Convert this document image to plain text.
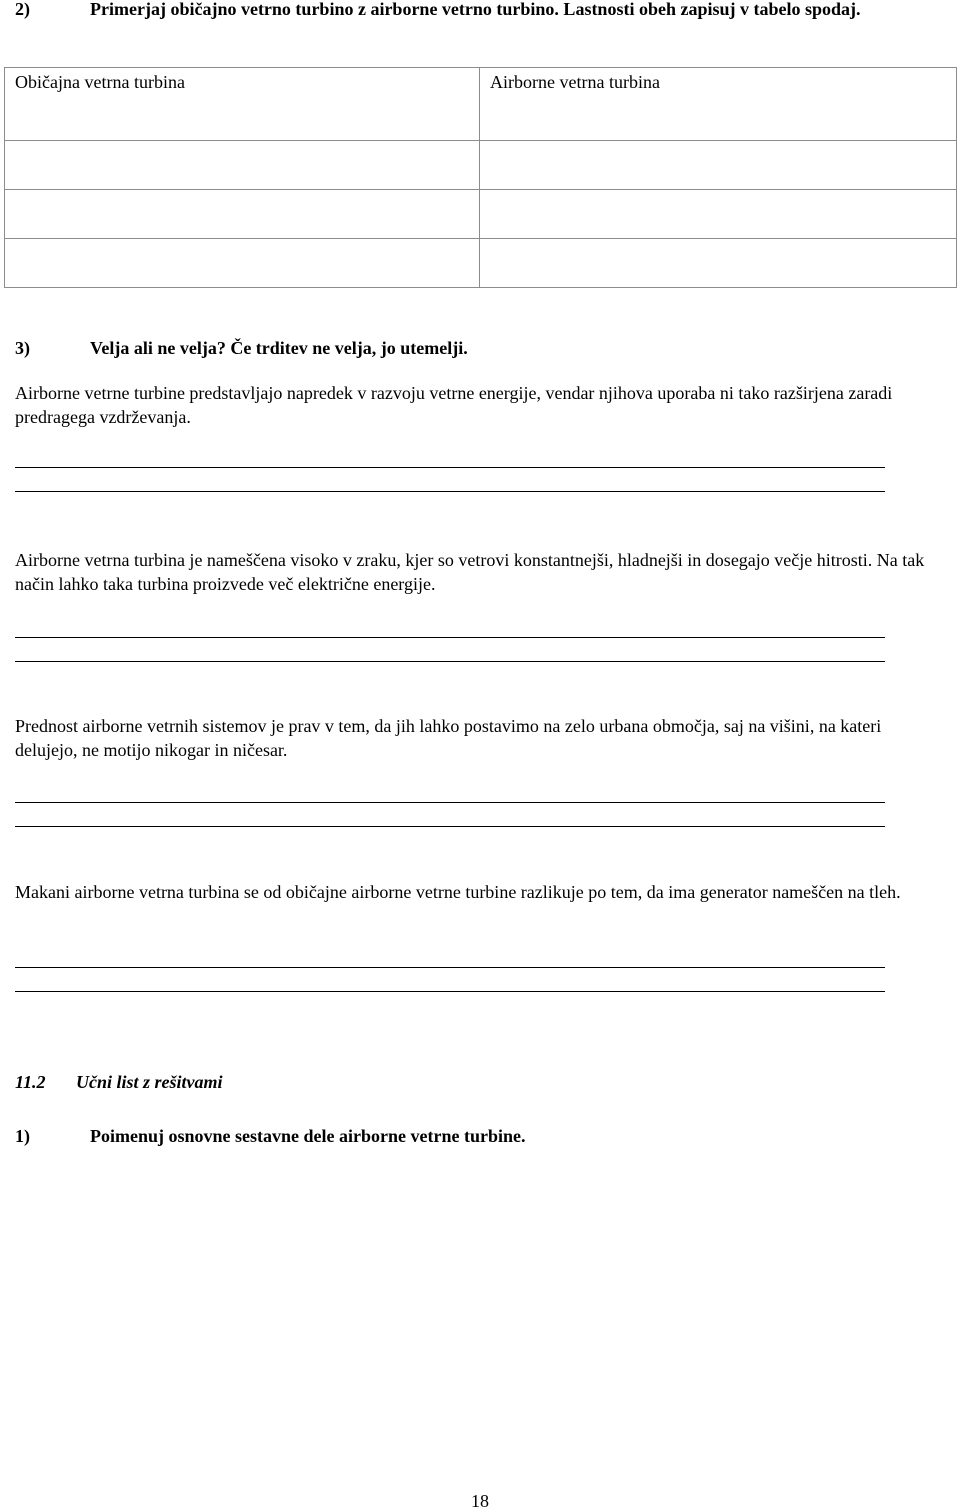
2)	Primerjaj običajno vetrno turbino z airborne vetrno turbino. Lastnosti obeh zapisuj v tabelo spodaj.
Običajna vetrna turbina	Airborne vetrna turbina

3)	Velja ali ne velja? Če trditev ne velja, jo utemelji.
Airborne vetrne turbine predstavljajo napredek v razvoju vetrne energije, vendar njihova uporaba ni tako razširjena zaradi predragega vzdrževanja.
Airborne vetrna turbina je nameščena visoko v zraku, kjer so vetrovi konstantnejši, hladnejši in dosegajo večje hitrosti. Na tak način lahko taka turbina proizvede več električne energije.
Prednost airborne vetrnih sistemov je prav v tem, da jih lahko postavimo na zelo urbana območja, saj na višini, na kateri delujejo, ne motijo nikogar in ničesar.
Makani airborne vetrna turbina se od običajne airborne vetrne turbine razlikuje po tem, da ima generator nameščen na tleh.
11.2 Učni list z rešitvami
1)	Poimenuj osnovne sestavne dele airborne vetrne turbine.
18
